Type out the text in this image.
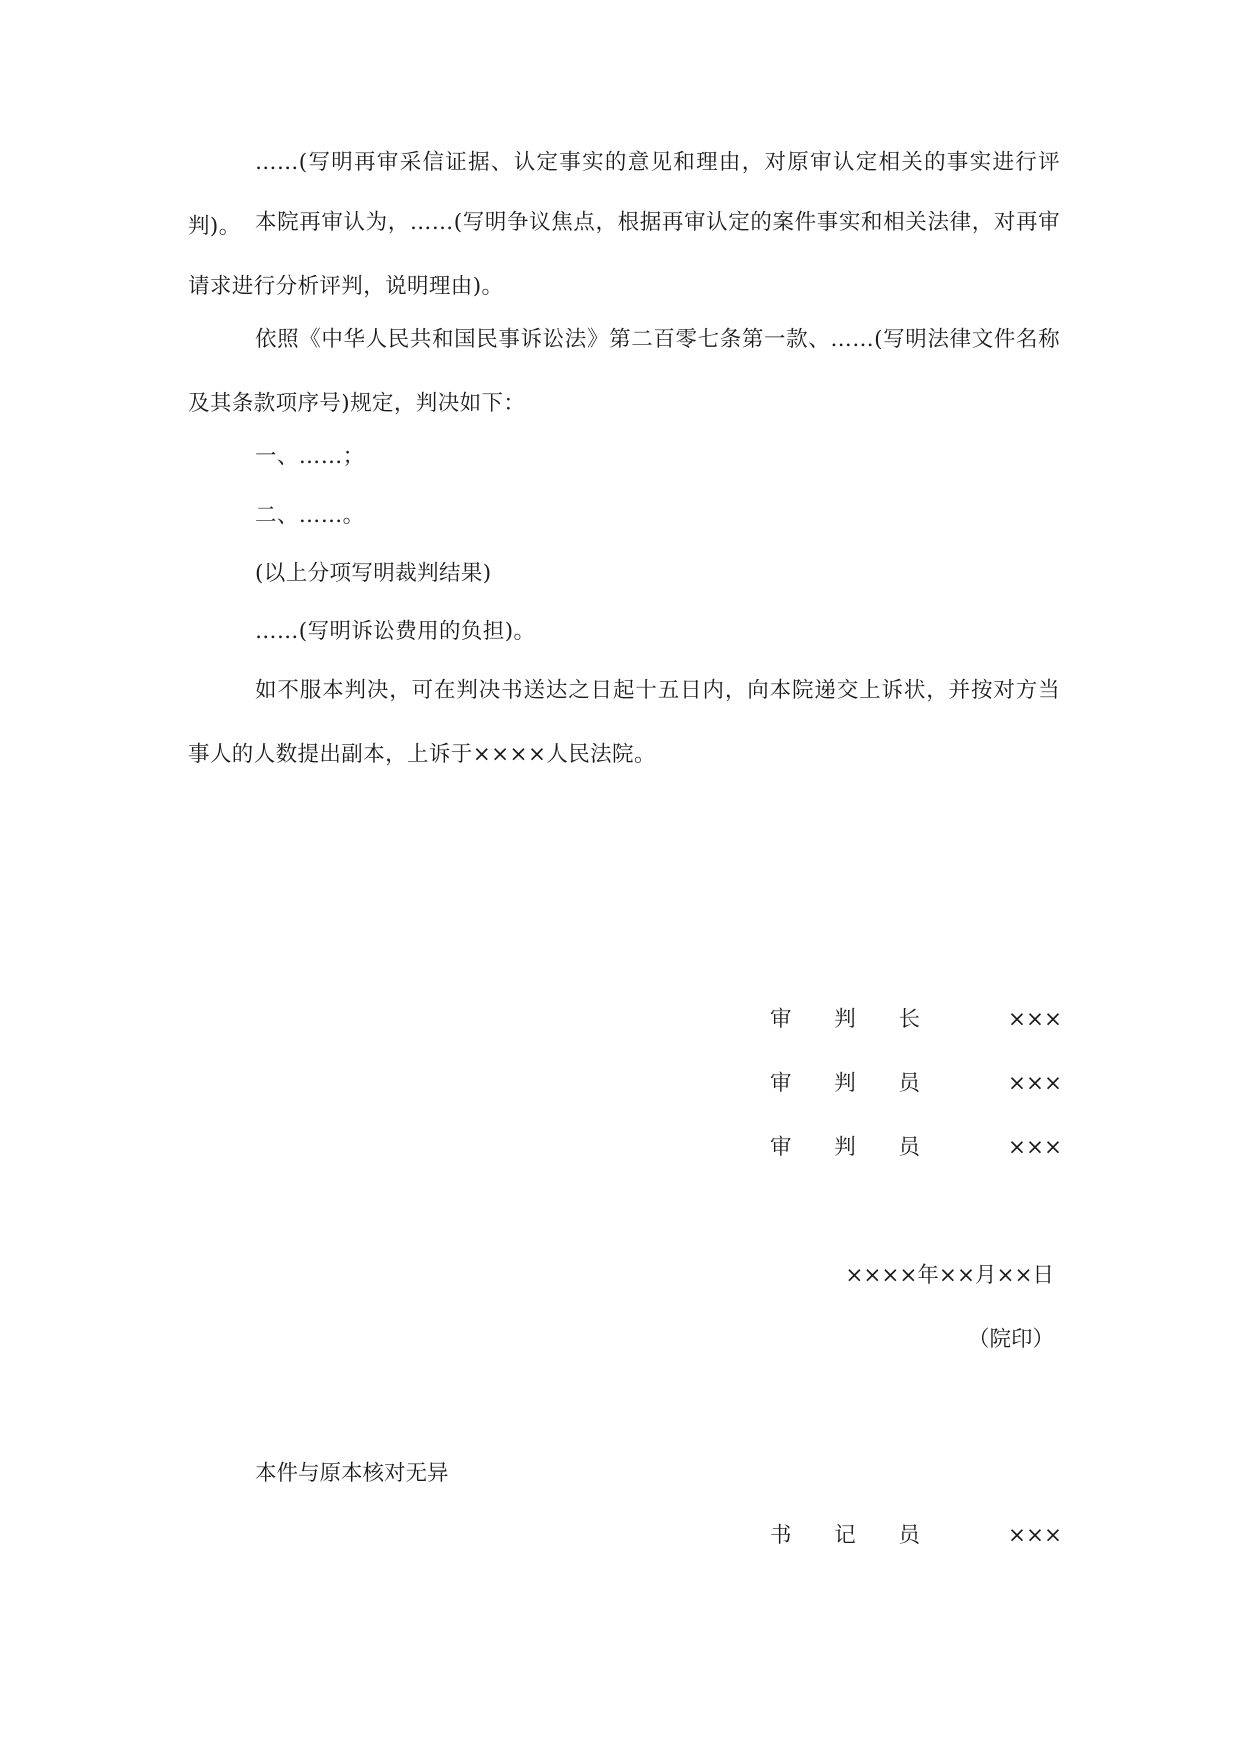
……(写明再审采信证据、认定事实的意见和理由，对原审认定相关的事实进行评判)。 本院再审认为，……(写明争议焦点，根据再审认定的案件事实和相关法律，对再审请求进行分析评判，说明理由)。

依照《中华人民共和国民事诉讼法》第二百零七条第一款、……(写明法律文件名称及其条款项序号)规定，判决如下：

一、……；

二、……。

(以上分项写明裁判结果)

……(写明诉讼费用的负担)。

如不服本判决，可在判决书送达之日起十五日内，向本院递交上诉状，并按对方当事人的人数提出副本，上诉于××××人民法院。

审 判 长	×××
审 判 员	×××
审 判 员	×××
××××年××月××日
（院印）
本件与原本核对无异
书 记 员	×××
